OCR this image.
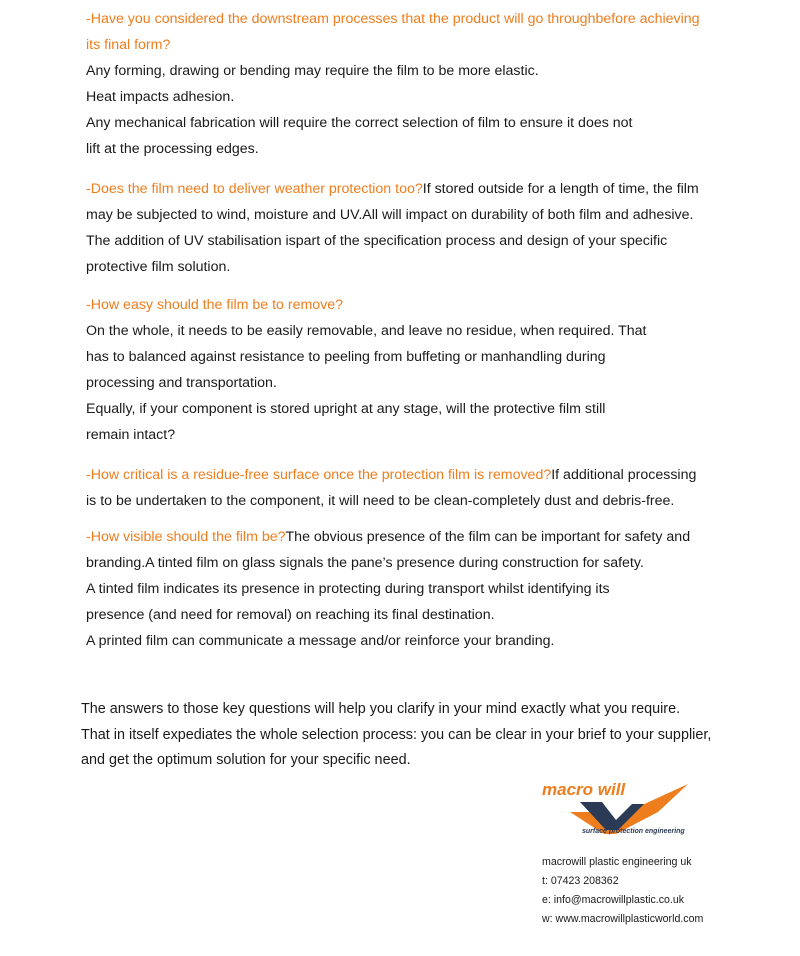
-Have you considered the downstream processes that the product will go throughbefore achieving
its final form?
Any forming, drawing or bending may require the film to be more elastic.
Heat impacts adhesion.
Any mechanical fabrication will require the correct selection of film to ensure it does not
lift at the processing edges.
-Does the film need to deliver weather protection too?If stored outside for a length of time, the film
may be subjected to wind, moisture and UV.All will impact on durability of both film and adhesive.
The addition of UV stabilisation ispart of the specification process and design of your specific
protective film solution.
-How easy should the film be to remove?
On the whole, it needs to be easily removable, and leave no residue, when required. That
has to balanced against resistance to peeling from buffeting or manhandling during
processing and transportation.
Equally, if your component is stored upright at any stage, will the protective film still
remain intact?
-How critical is a residue-free surface once the protection film is removed?If additional processing
is to be undertaken to the component, it will need to be clean-completely dust and debris-free.
-How visible should the film be?The obvious presence of the film can be important for safety and
branding.A tinted film on glass signals the pane’s presence during construction for safety.
A tinted film indicates its presence in protecting during transport whilst identifying its
presence (and need for removal) on reaching its final destination.
A printed film can communicate a message and/or reinforce your branding.
The answers to those key questions will help you clarify in your mind exactly what you require.
That in itself expediates the whole selection process: you can be clear in your brief to your supplier,
and get the optimum solution for your specific need.
macro will
surface protection engineering
macrowill plastic engineering uk
t: 07423 208362
e: info@macrowillplastic.co.uk
w: www.macrowillplasticworld.com
